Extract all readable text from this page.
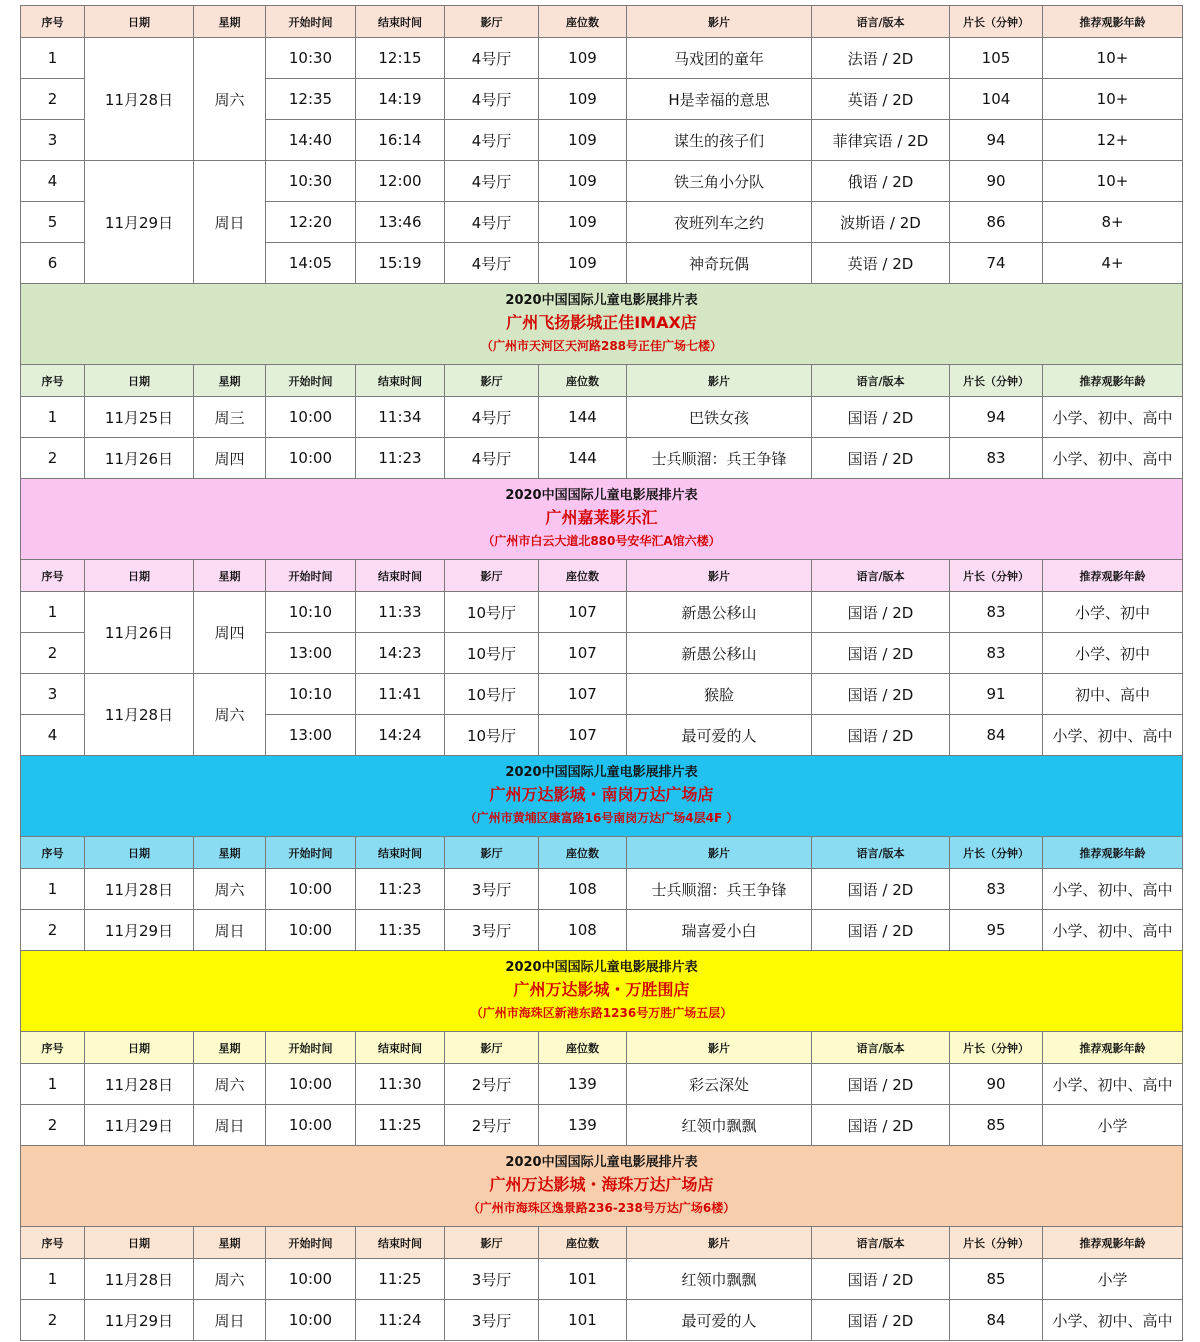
序号	日期	星期	开始时间	结束时间	影厅	座位数	影片	语言/版本	片长（分钟）	推荐观影年龄
1	11月28日	周六	10:30	12:15	4号厅	109	马戏团的童年	法语 / 2D	105	10+
2			12:35	14:19	4号厅	109	H是幸福的意思	英语 / 2D	104	10+
3			14:40	16:14	4号厅	109	谋生的孩子们	菲律宾语 / 2D	94	12+
4	11月29日	周日	10:30	12:00	4号厅	109	铁三角小分队	俄语 / 2D	90	10+
5			12:20	13:46	4号厅	109	夜班列车之约	波斯语 / 2D	86	8+
6			14:05	15:19	4号厅	109	神奇玩偶	英语 / 2D	74	4+

2020中国国际儿童电影展排片表
广州飞扬影城正佳IMAX店
（广州市天河区天河路288号正佳广场七楼）										

序号	日期	星期	开始时间	结束时间	影厅	座位数	影片	语言/版本	片长（分钟）	推荐观影年龄
1	11月25日	周三	10:00	11:34	4号厅	144	巴铁女孩	国语 / 2D	94	小学、初中、高中
2	11月26日	周四	10:00	11:23	4号厅	144	士兵顺溜：兵王争锋	国语 / 2D	83	小学、初中、高中

2020中国国际儿童电影展排片表
广州嘉莱影乐汇
（广州市白云大道北880号安华汇A馆六楼）										

序号	日期	星期	开始时间	结束时间	影厅	座位数	影片	语言/版本	片长（分钟）	推荐观影年龄
1	11月26日	周四	10:10	11:33	10号厅	107	新愚公移山	国语 / 2D	83	小学、初中
2			13:00	14:23	10号厅	107	新愚公移山	国语 / 2D	83	小学、初中
3	11月28日	周六	10:10	11:41	10号厅	107	猴脸	国语 / 2D	91	初中、高中
4			13:00	14:24	10号厅	107	最可爱的人	国语 / 2D	84	小学、初中、高中

2020中国国际儿童电影展排片表
广州万达影城・南岗万达广场店
（广州市黄埔区康富路16号南岗万达广场4层4F ）										

序号	日期	星期	开始时间	结束时间	影厅	座位数	影片	语言/版本	片长（分钟）	推荐观影年龄
1	11月28日	周六	10:00	11:23	3号厅	108	士兵顺溜：兵王争锋	国语 / 2D	83	小学、初中、高中
2	11月29日	周日	10:00	11:35	3号厅	108	瑞喜爱小白	国语 / 2D	95	小学、初中、高中

2020中国国际儿童电影展排片表
广州万达影城・万胜围店
（广州市海珠区新港东路1236号万胜广场五层）										

序号	日期	星期	开始时间	结束时间	影厅	座位数	影片	语言/版本	片长（分钟）	推荐观影年龄
1	11月28日	周六	10:00	11:30	2号厅	139	彩云深处	国语 / 2D	90	小学、初中、高中
2	11月29日	周日	10:00	11:25	2号厅	139	红领巾飘飘	国语 / 2D	85	小学

2020中国国际儿童电影展排片表
广州万达影城・海珠万达广场店
（广州市海珠区逸景路236-238号万达广场6楼）										

序号	日期	星期	开始时间	结束时间	影厅	座位数	影片	语言/版本	片长（分钟）	推荐观影年龄
1	11月28日	周六	10:00	11:25	3号厅	101	红领巾飘飘	国语 / 2D	85	小学
2	11月29日	周日	10:00	11:24	3号厅	101	最可爱的人	国语 / 2D	84	小学、初中、高中
